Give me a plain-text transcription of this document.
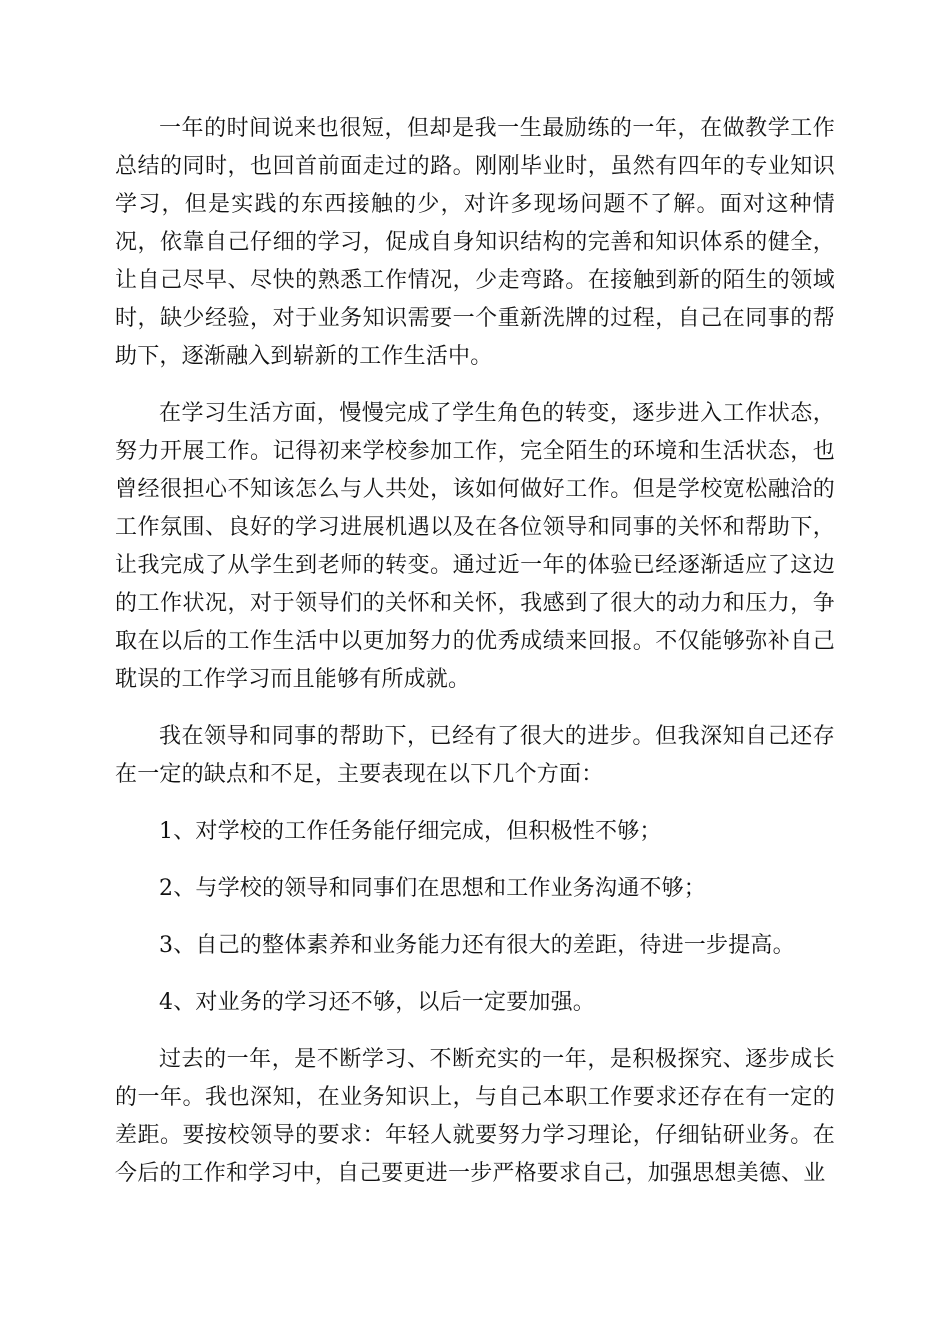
一年的时间说来也很短，但却是我一生最励练的一年，在做教学工作总结的同时，也回首前面走过的路。刚刚毕业时，虽然有四年的专业知识学习，但是实践的东西接触的少，对许多现场问题不了解。面对这种情况，依靠自己仔细的学习，促成自身知识结构的完善和知识体系的健全，让自己尽早、尽快的熟悉工作情况，少走弯路。在接触到新的陌生的领域时，缺少经验，对于业务知识需要一个重新洗牌的过程，自己在同事的帮助下，逐渐融入到崭新的工作生活中。

在学习生活方面，慢慢完成了学生角色的转变，逐步进入工作状态，努力开展工作。记得初来学校参加工作，完全陌生的环境和生活状态，也曾经很担心不知该怎么与人共处，该如何做好工作。但是学校宽松融洽的工作氛围、良好的学习进展机遇以及在各位领导和同事的关怀和帮助下，让我完成了从学生到老师的转变。通过近一年的体验已经逐渐适应了这边的工作状况，对于领导们的关怀和关怀，我感到了很大的动力和压力，争取在以后的工作生活中以更加努力的优秀成绩来回报。不仅能够弥补自己耽误的工作学习而且能够有所成就。

我在领导和同事的帮助下，已经有了很大的进步。但我深知自己还存在一定的缺点和不足，主要表现在以下几个方面：

1、对学校的工作任务能仔细完成，但积极性不够；

2、与学校的领导和同事们在思想和工作业务沟通不够；

3、自己的整体素养和业务能力还有很大的差距，待进一步提高。

4、对业务的学习还不够，以后一定要加强。

过去的一年，是不断学习、不断充实的一年，是积极探究、逐步成长的一年。我也深知，在业务知识上，与自己本职工作要求还存在有一定的差距。要按校领导的要求：年轻人就要努力学习理论，仔细钻研业务。在今后的工作和学习中，自己要更进一步严格要求自己，加强思想美德、业
